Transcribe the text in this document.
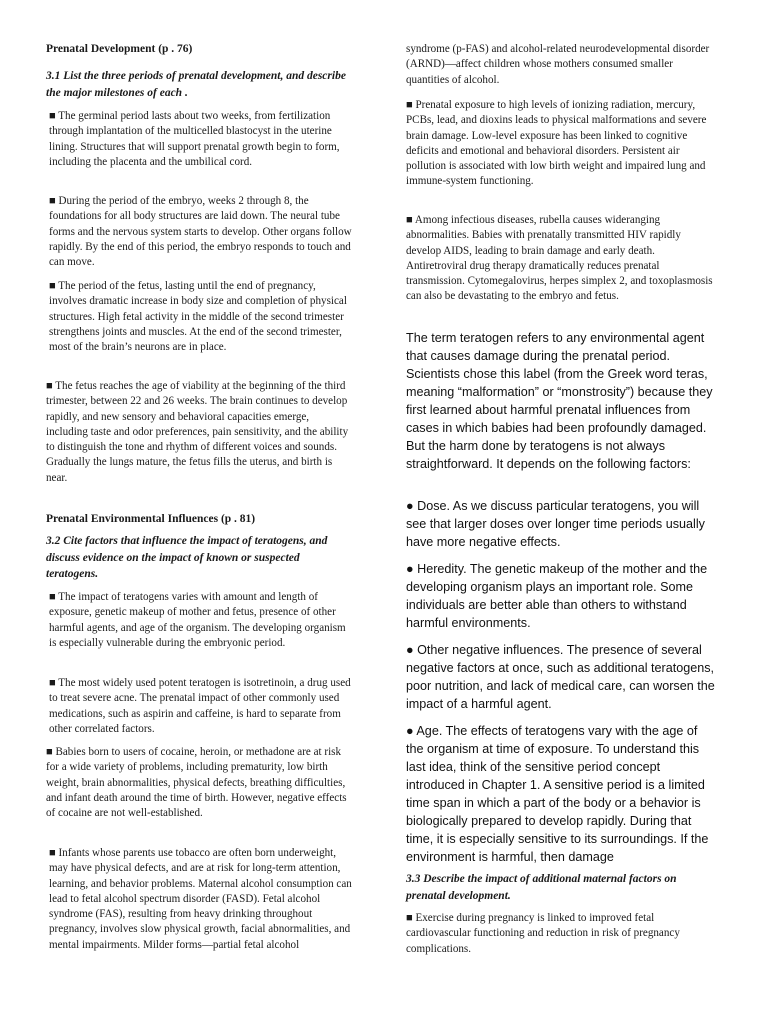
Prenatal Development (p . 76)
3.1 List the three periods of prenatal development, and describe the major milestones of each .
■ The germinal period lasts about two weeks, from fertilization through implantation of the multicelled blastocyst in the uterine lining. Structures that will support prenatal growth begin to form, including the placenta and the umbilical cord.
■ During the period of the embryo, weeks 2 through 8, the foundations for all body structures are laid down. The neural tube forms and the nervous system starts to develop. Other organs follow rapidly. By the end of this period, the embryo responds to touch and can move.
■ The period of the fetus, lasting until the end of pregnancy, involves dramatic increase in body size and completion of physical structures. High fetal activity in the middle of the second trimester strengthens joints and muscles. At the end of the second trimester, most of the brain’s neurons are in place.
■ The fetus reaches the age of viability at the beginning of the third trimester, between 22 and 26 weeks. The brain continues to develop rapidly, and new sensory and behavioral capacities emerge, including taste and odor preferences, pain sensitivity, and the ability to distinguish the tone and rhythm of different voices and sounds. Gradually the lungs mature, the fetus fills the uterus, and birth is near.
Prenatal Environmental Influences (p . 81)
3.2 Cite factors that influence the impact of teratogens, and discuss evidence on the impact of known or suspected teratogens.
■ The impact of teratogens varies with amount and length of exposure, genetic makeup of mother and fetus, presence of other harmful agents, and age of the organism. The developing organism is especially vulnerable during the embryonic period.
■ The most widely used potent teratogen is isotretinoin, a drug used to treat severe acne. The prenatal impact of other commonly used medications, such as aspirin and caffeine, is hard to separate from other correlated factors.
■ Babies born to users of cocaine, heroin, or methadone are at risk for a wide variety of problems, including prematurity, low birth weight, brain abnormalities, physical defects, breathing difficulties, and infant death around the time of birth. However, negative effects of cocaine are not well-established.
■ Infants whose parents use tobacco are often born underweight, may have physical defects, and are at risk for long-term attention, learning, and behavior problems. Maternal alcohol consumption can lead to fetal alcohol spectrum disorder (FASD). Fetal alcohol syndrome (FAS), resulting from heavy drinking throughout pregnancy, involves slow physical growth, facial abnormalities, and mental impairments. Milder forms—partial fetal alcohol
syndrome (p-FAS) and alcohol-related neurodevelopmental disorder (ARND)—affect children whose mothers consumed smaller quantities of alcohol.
■ Prenatal exposure to high levels of ionizing radiation, mercury, PCBs, lead, and dioxins leads to physical malformations and severe brain damage. Low-level exposure has been linked to cognitive deficits and emotional and behavioral disorders. Persistent air pollution is associated with low birth weight and impaired lung and immune-system functioning.
■ Among infectious diseases, rubella causes wideranging abnormalities. Babies with prenatally transmitted HIV rapidly develop AIDS, leading to brain damage and early death. Antiretroviral drug therapy dramatically reduces prenatal transmission. Cytomegalovirus, herpes simplex 2, and toxoplasmosis can also be devastating to the embryo and fetus.
The term teratogen refers to any environmental agent that causes damage during the prenatal period. Scientists chose this label (from the Greek word teras, meaning “malformation” or “monstrosity”) because they first learned about harmful prenatal influences from cases in which babies had been profoundly damaged. But the harm done by teratogens is not always straightforward. It depends on the following factors:
● Dose. As we discuss particular teratogens, you will see that larger doses over longer time periods usually have more negative effects.
● Heredity. The genetic makeup of the mother and the developing organism plays an important role. Some individuals are better able than others to withstand harmful environments.
● Other negative influences. The presence of several negative factors at once, such as additional teratogens, poor nutrition, and lack of medical care, can worsen the impact of a harmful agent.
● Age. The effects of teratogens vary with the age of the organism at time of exposure. To understand this last idea, think of the sensitive period concept introduced in Chapter 1. A sensitive period is a limited time span in which a part of the body or a behavior is biologically prepared to develop rapidly. During that time, it is especially sensitive to its surroundings. If the environment is harmful, then damage
3.3 Describe the impact of additional maternal factors on prenatal development.
■ Exercise during pregnancy is linked to improved fetal cardiovascular functioning and reduction in risk of pregnancy complications.
